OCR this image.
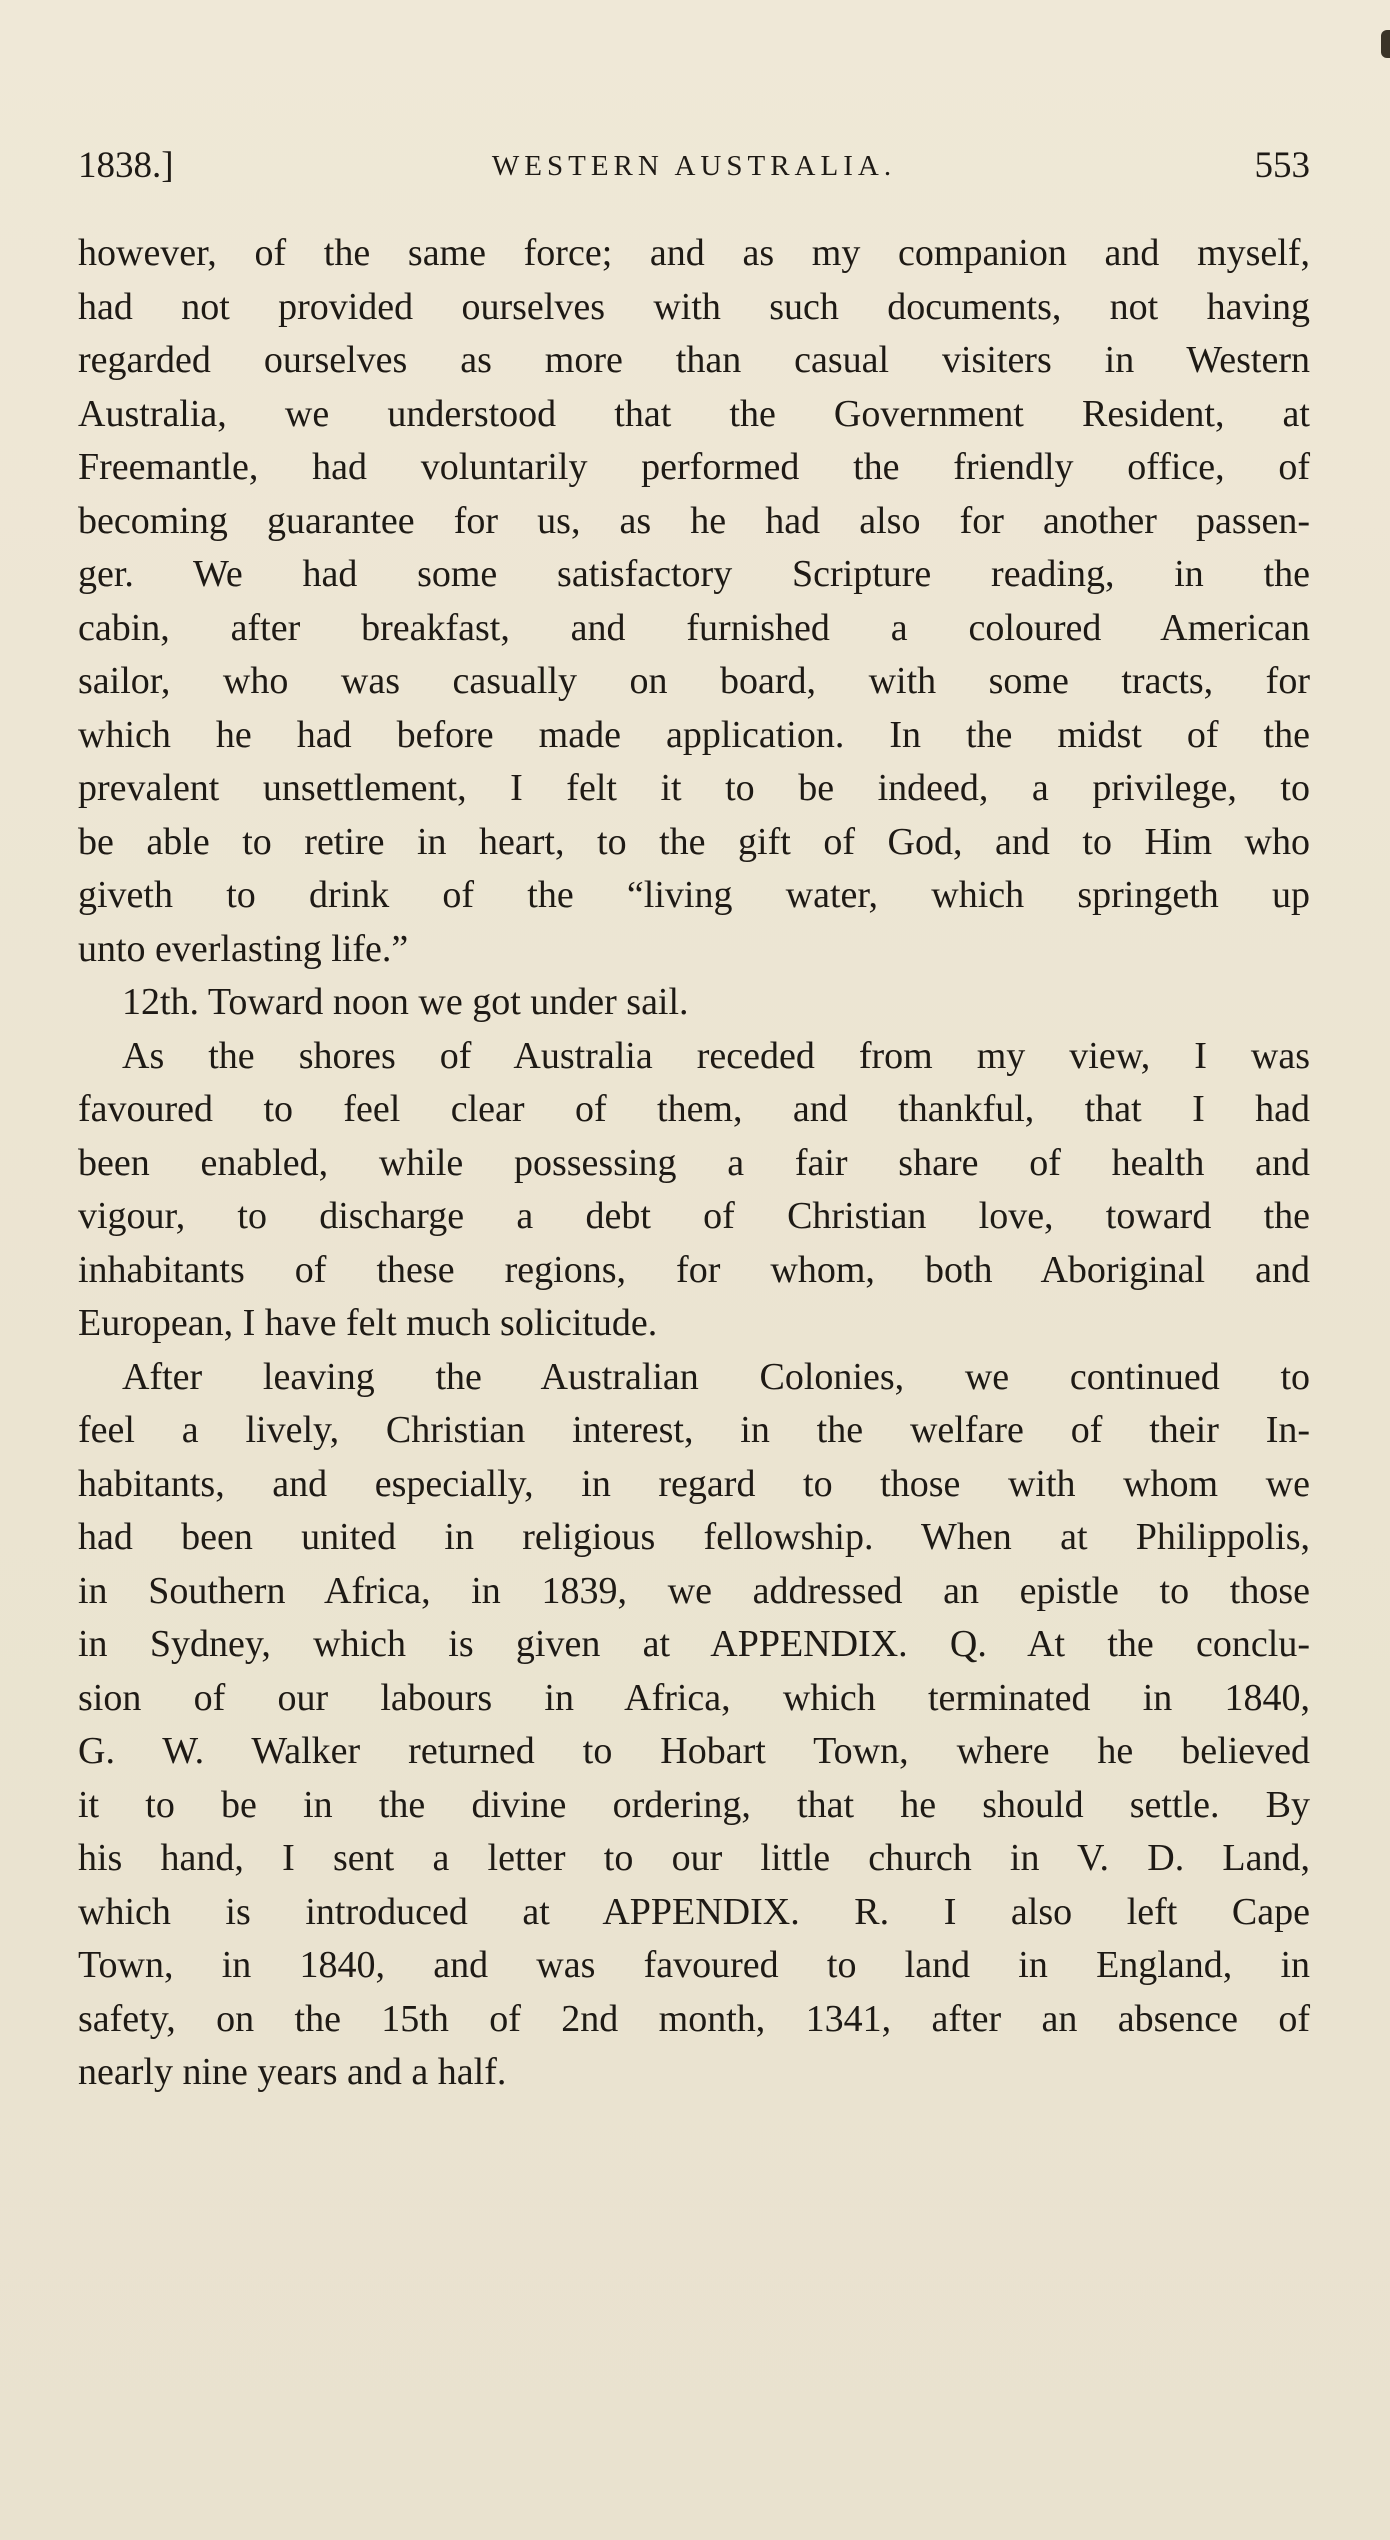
1838.]	WESTERN AUSTRALIA.	553
however, of the same force; and as my companion and myself,
had not provided ourselves with such documents, not having
regarded ourselves as more than casual visiters in Western
Australia, we understood that the Government Resident, at
Freemantle, had voluntarily performed the friendly office, of
becoming guarantee for us, as he had also for another passen-
ger. We had some satisfactory Scripture reading, in the
cabin, after breakfast, and furnished a coloured American
sailor, who was casually on board, with some tracts, for
which he had before made application. In the midst of the
prevalent unsettlement, I felt it to be indeed, a privilege, to
be able to retire in heart, to the gift of God, and to Him who
giveth to drink of the “living water, which springeth up
unto everlasting life.”
12th. Toward noon we got under sail.
As the shores of Australia receded from my view, I was
favoured to feel clear of them, and thankful, that I had
been enabled, while possessing a fair share of health and
vigour, to discharge a debt of Christian love, toward the
inhabitants of these regions, for whom, both Aboriginal and
European, I have felt much solicitude.
After leaving the Australian Colonies, we continued to
feel a lively, Christian interest, in the welfare of their In-
habitants, and especially, in regard to those with whom we
had been united in religious fellowship. When at Philippolis,
in Southern Africa, in 1839, we addressed an epistle to those
in Sydney, which is given at APPENDIX. Q. At the conclu-
sion of our labours in Africa, which terminated in 1840,
G. W. Walker returned to Hobart Town, where he believed
it to be in the divine ordering, that he should settle. By
his hand, I sent a letter to our little church in V. D. Land,
which is introduced at APPENDIX. R. I also left Cape
Town, in 1840, and was favoured to land in England, in
safety, on the 15th of 2nd month, 1341, after an absence of
nearly nine years and a half.
